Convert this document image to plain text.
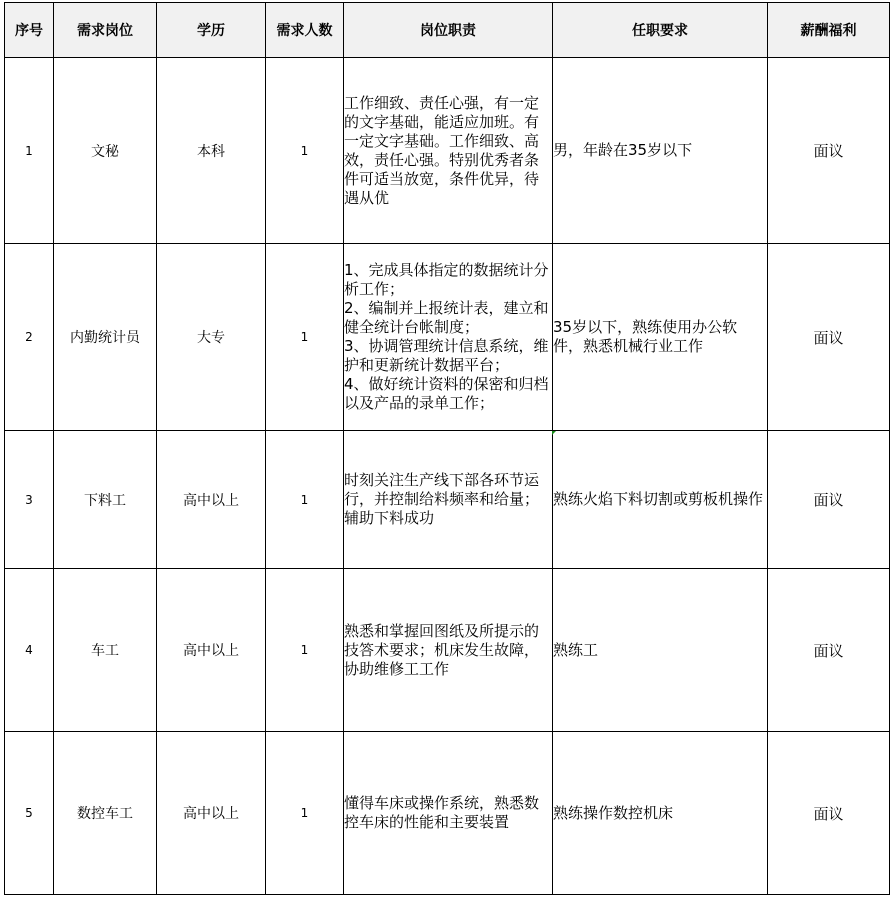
序号	需求岗位	学历	需求人数	岗位职责	任职要求	薪酬福利
1	文秘	本科	1	工作细致、责任心强，有一定的文字基础，能适应加班。有一定文字基础。工作细致、高效，责任心强。特别优秀者条件可适当放宽，条件优异，待遇从优	男，年龄在35岁以下	面议
2	内勤统计员	大专	1	1、完成具体指定的数据统计分析工作；
2、编制并上报统计表，建立和健全统计台帐制度；
3、协调管理统计信息系统，维护和更新统计数据平台；
4、做好统计资料的保密和归档以及产品的录单工作；	35岁以下，熟练使用办公软件，熟悉机械行业工作	面议
3	下料工	高中以上	1	时刻关注生产线下部各环节运行，并控制给料频率和给量；辅助下料成功	熟练火焰下料切割或剪板机操作	面议
4	车工	高中以上	1	熟悉和掌握回图纸及所提示的技答术要求；机床发生故障，协助维修工工作	熟练工	面议
5	数控车工	高中以上	1	懂得车床或操作系统，熟悉数控车床的性能和主要装置	熟练操作数控机床	面议
